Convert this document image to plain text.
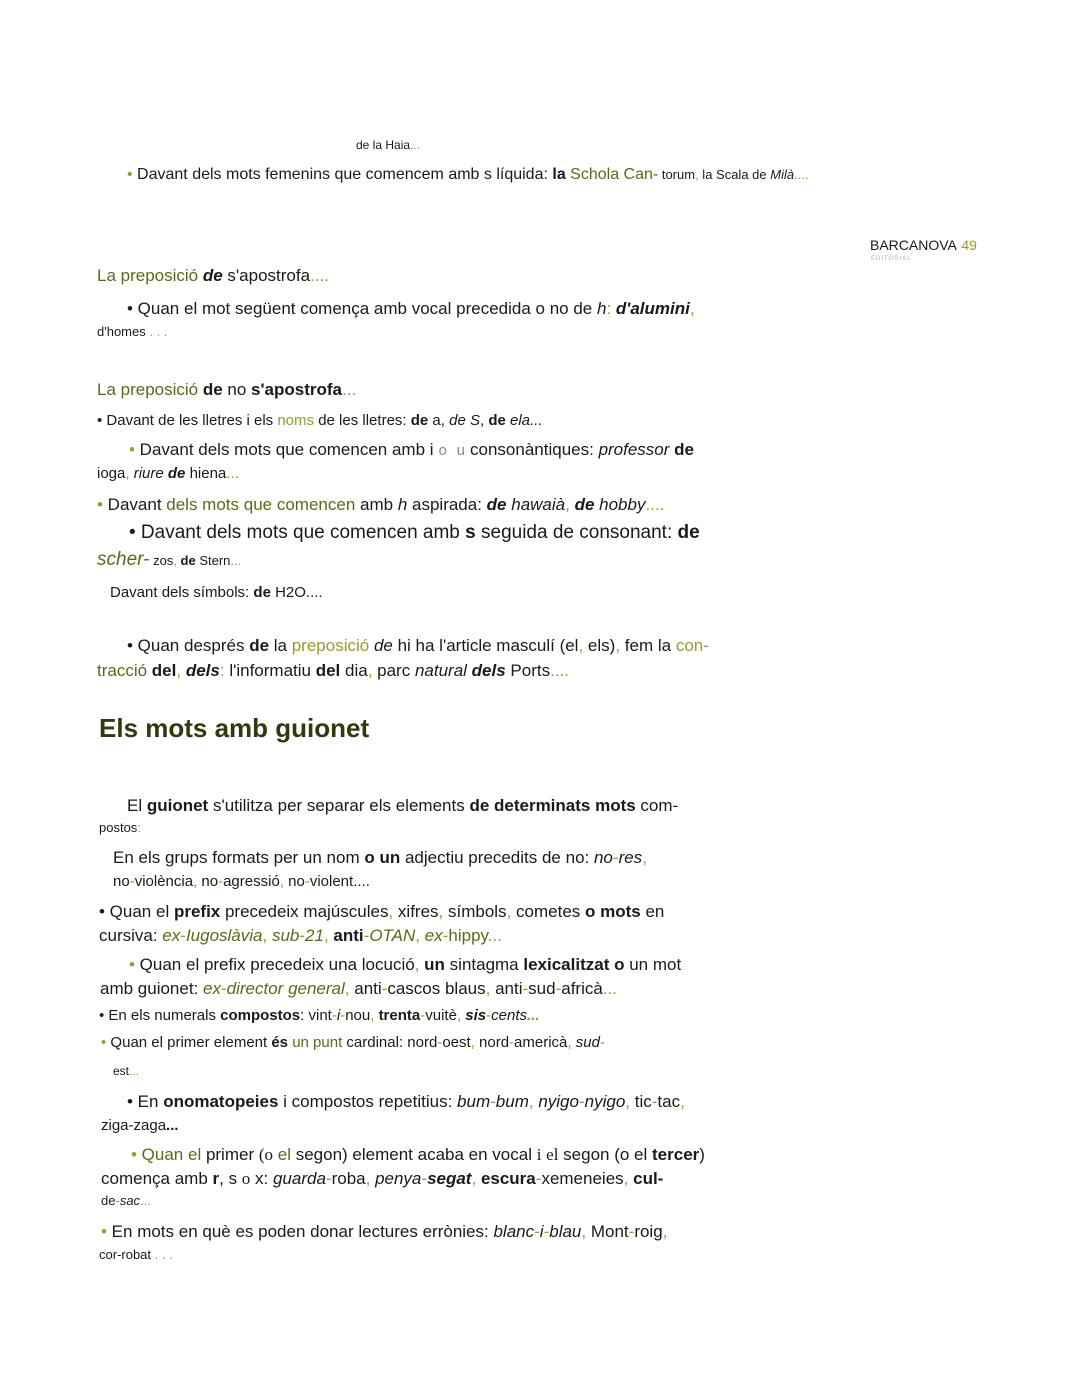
BARCANOVA 49
EDITORIAL
de la Haia...
• Davant dels mots femenins que comencem amb s líquida: la Schola Can- torum, la Scala de Milà....
La preposició de s'apostrofa....
• Quan el mot següent comença amb vocal precedida o no de h: d'alumini,
d'homes . . .
La preposició de no s'apostrofa...
• Davant de les lletres i els noms de les lletres: de a, de S, de ela...
• Davant dels mots que comencen amb i o u consonàntiques: professor de
ioga, riure de hiena...
• Davant dels mots que comencen amb h aspirada: de hawaià, de hobby....
• Davant dels mots que comencen amb s seguida de consonant: de
scher- zos, de Stern...
Davant dels símbols: de H2O....
• Quan després de la preposició de hi ha l'article masculí (el, els), fem la con-
tracció del, dels: l'informatiu del dia, parc natural dels Ports....
Els mots amb guionet
El guionet s'utilitza per separar els elements de determinats mots com-
postos:
En els grups formats per un nom o un adjectiu precedits de no: no-res,
no-violència, no-agressió, no-violent....
• Quan el prefix precedeix majúscules, xifres, símbols, cometes o mots en
cursiva: ex-Iugoslàvia, sub-21, anti-OTAN, ex-hippy...
• Quan el prefix precedeix una locució, un sintagma lexicalitzat o un mot
amb guionet: ex-director general, anti-cascos blaus, anti-sud-africà...
• En els numerals compostos: vint-i-nou, trenta-vuitè, sis-cents...
• Quan el primer element és un punt cardinal: nord-oest, nord-americà, sud-
est...
• En onomatopeies i compostos repetitius: bum-bum, nyigo-nyigo, tic-tac,
ziga-zaga...
• Quan el primer (o el segon) element acaba en vocal i el segon (o el tercer)
comença amb r, s o x: guarda-roba, penya-segat, escura-xemeneies, cul-
de-sac...
• En mots en què es poden donar lectures errònies: blanc-i-blau, Mont-roig,
cor-robat . . .
